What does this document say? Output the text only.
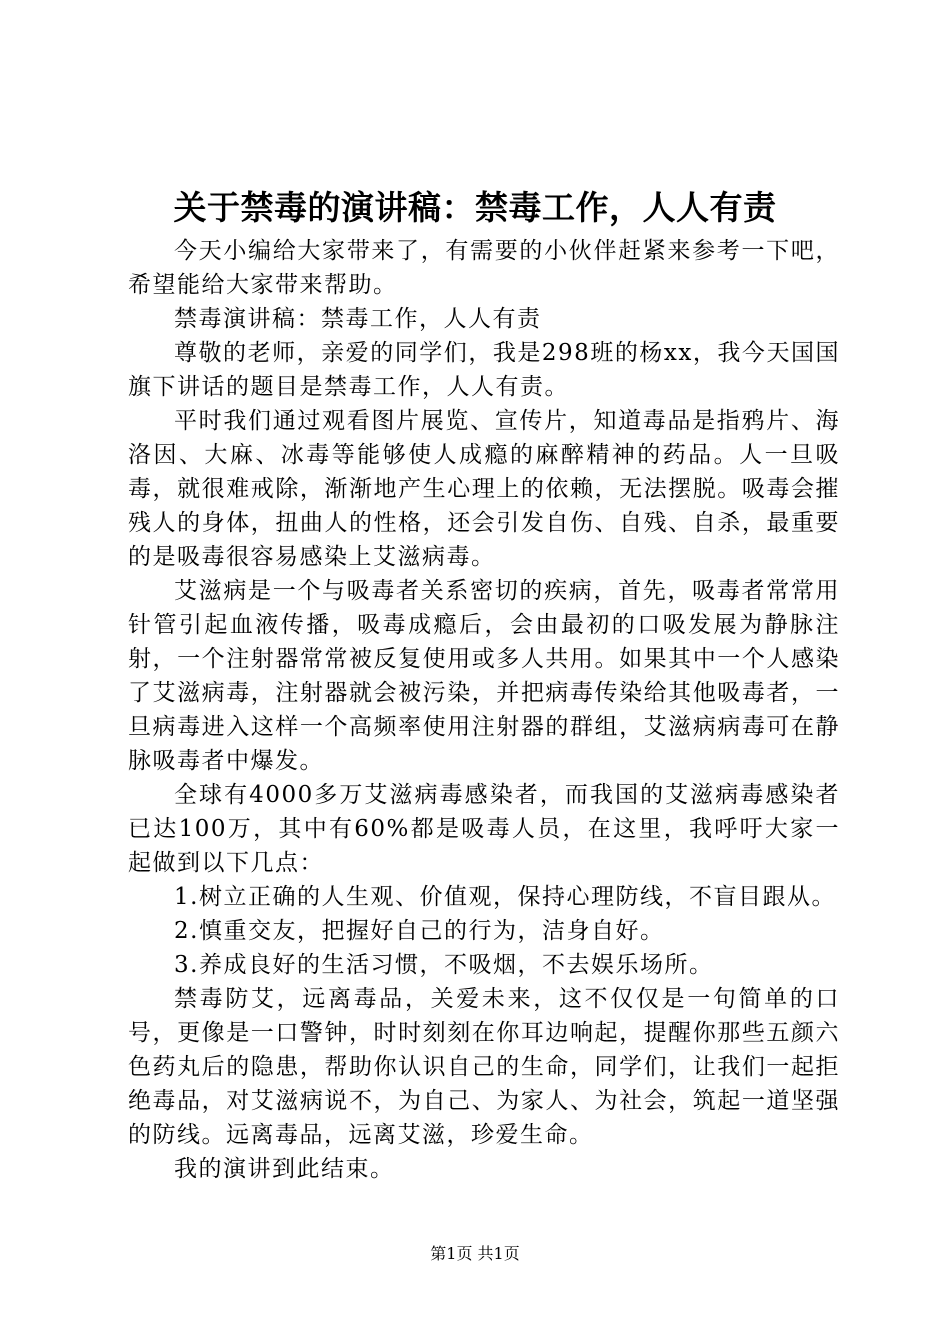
关于禁毒的演讲稿：禁毒工作，人人有责

今天小编给大家带来了，有需要的小伙伴赶紧来参考一下吧，希望能给大家带来帮助。

禁毒演讲稿：禁毒工作，人人有责

尊敬的老师，亲爱的同学们，我是298班的杨xx，我今天国国旗下讲话的题目是禁毒工作，人人有责。

平时我们通过观看图片展览、宣传片，知道毒品是指鸦片、海洛因、大麻、冰毒等能够使人成瘾的麻醉精神的药品。人一旦吸毒，就很难戒除，渐渐地产生心理上的依赖，无法摆脱。吸毒会摧残人的身体，扭曲人的性格，还会引发自伤、自残、自杀，最重要的是吸毒很容易感染上艾滋病毒。

艾滋病是一个与吸毒者关系密切的疾病，首先，吸毒者常常用针管引起血液传播，吸毒成瘾后，会由最初的口吸发展为静脉注射，一个注射器常常被反复使用或多人共用。如果其中一个人感染了艾滋病毒，注射器就会被污染，并把病毒传染给其他吸毒者，一旦病毒进入这样一个高频率使用注射器的群组，艾滋病病毒可在静脉吸毒者中爆发。

全球有4000多万艾滋病毒感染者，而我国的艾滋病毒感染者已达100万，其中有60%都是吸毒人员，在这里，我呼吁大家一起做到以下几点：

1.树立正确的人生观、价值观，保持心理防线，不盲目跟从。

2.慎重交友，把握好自己的行为，洁身自好。

3.养成良好的生活习惯，不吸烟，不去娱乐场所。

禁毒防艾，远离毒品，关爱未来，这不仅仅是一句简单的口号，更像是一口警钟，时时刻刻在你耳边响起，提醒你那些五颜六色药丸后的隐患，帮助你认识自己的生命，同学们，让我们一起拒绝毒品，对艾滋病说不，为自己、为家人、为社会，筑起一道坚强的防线。远离毒品，远离艾滋，珍爱生命。

我的演讲到此结束。

第1页 共1页
